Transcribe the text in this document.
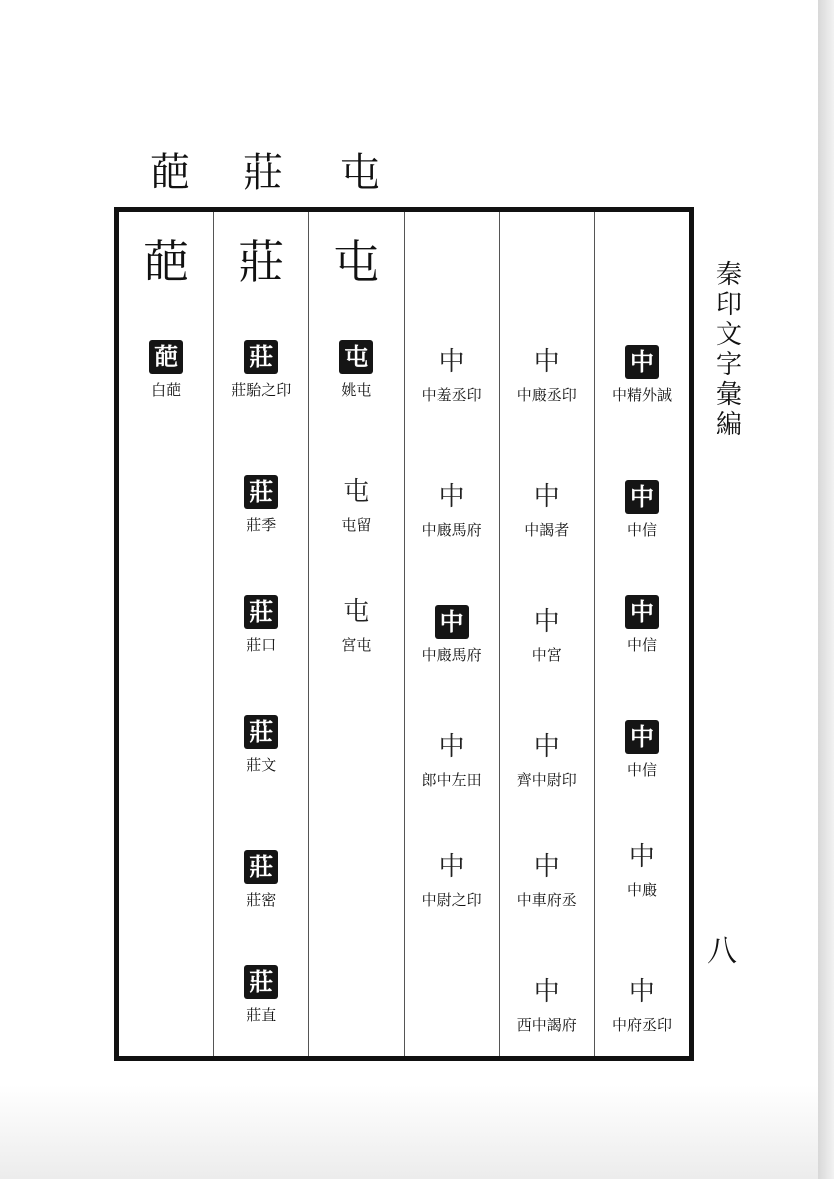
葩 莊 屯
葩
葩
白葩
莊
莊
莊駘之印
莊
莊季
莊
莊口
莊
莊文
莊
莊密
莊
莊直
屯
屯
姚屯
屯
屯留
屯
宮屯
中
中羞丞印
中
中廄馬府
中
中廄馬府
中
郎中左田
中
中尉之印
中
中廄丞印
中
中謁者
中
中宮
中
齊中尉印
中
中車府丞
中
西中謁府
中
中精外誠
中
中信
中
中信
中
中信
中
中廄
中
中府丞印
秦印文字彙編
八
